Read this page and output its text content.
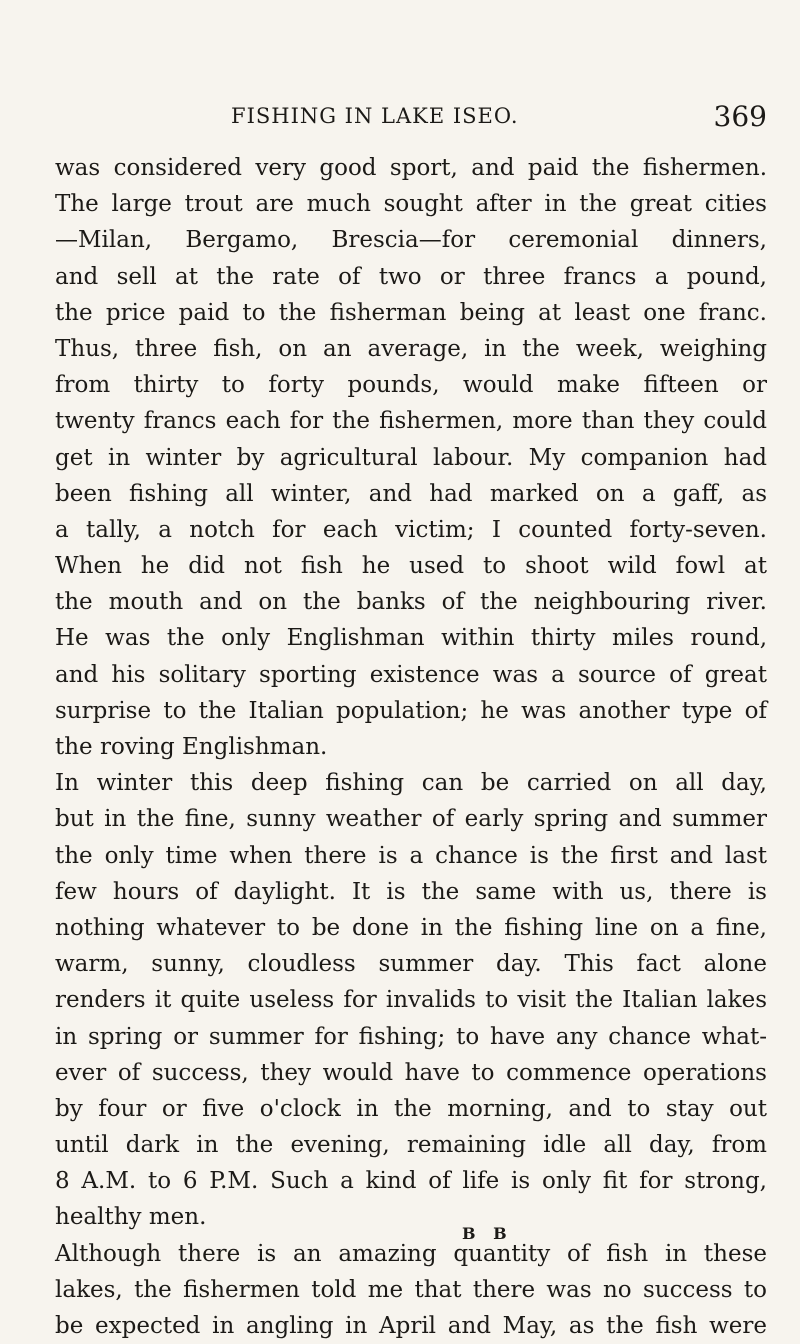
FISHING IN LAKE ISEO.	369
was considered very good sport, and paid the fishermen.
The large trout are much sought after in the great cities
—Milan, Bergamo, Brescia—for ceremonial dinners,
and sell at the rate of two or three francs a pound,
the price paid to the fisherman being at least one franc.
Thus, three fish, on an average, in the week, weighing
from thirty to forty pounds, would make fifteen or
twenty francs each for the fishermen, more than they could
get in winter by agricultural labour. My companion had
been fishing all winter, and had marked on a gaff, as
a tally, a notch for each victim; I counted forty-seven.
When he did not fish he used to shoot wild fowl at
the mouth and on the banks of the neighbouring river.
He was the only Englishman within thirty miles round,
and his solitary sporting existence was a source of great
surprise to the Italian population; he was another type of
the roving Englishman.
In winter this deep fishing can be carried on all day,
but in the fine, sunny weather of early spring and summer
the only time when there is a chance is the first and last
few hours of daylight. It is the same with us, there is
nothing whatever to be done in the fishing line on a fine,
warm, sunny, cloudless summer day. This fact alone
renders it quite useless for invalids to visit the Italian lakes
in spring or summer for fishing; to have any chance what-
ever of success, they would have to commence operations
by four or five o'clock in the morning, and to stay out
until dark in the evening, remaining idle all day, from
8 A.M. to 6 P.M. Such a kind of life is only fit for strong,
healthy men.
Although there is an amazing quantity of fish in these
lakes, the fishermen told me that there was no success to
be expected in angling in April and May, as the fish were
B B
